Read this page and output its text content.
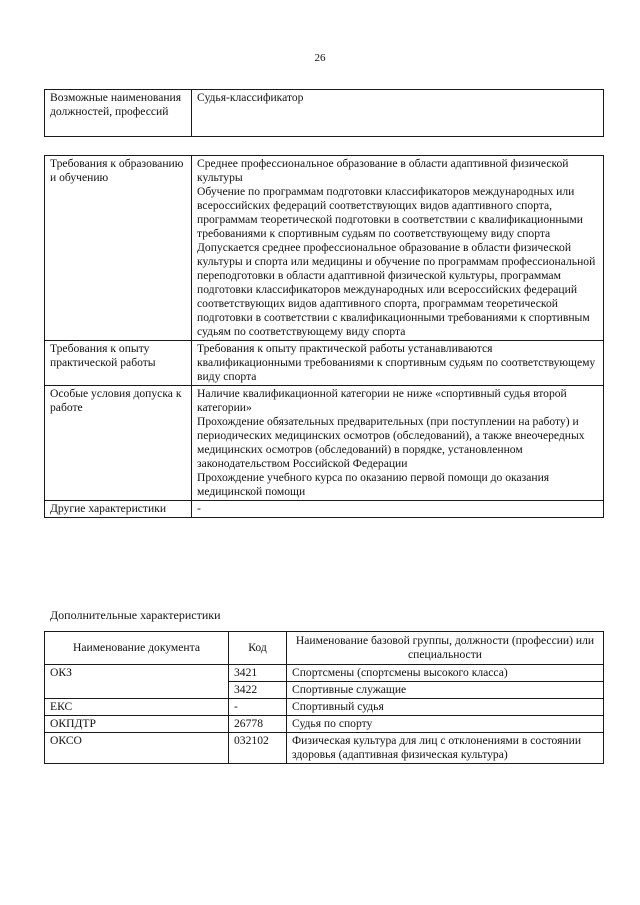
26
Возможные наименования должностей, профессий	Судья-классификатор
Требования к образованию и обучению	Среднее профессиональное образование в области адаптивной физической культуры

Обучение по программам подготовки классификаторов международных или всероссийских федераций соответствующих видов адаптивного спорта, программам теоретической подготовки в соответствии с квалификационными требованиями к спортивным судьям по соответствующему виду спорта

Допускается среднее профессиональное образование в области физической культуры и спорта или медицины и обучение по программам профессиональной переподготовки в области адаптивной физической культуры, программам подготовки классификаторов международных или всероссийских федераций соответствующих видов адаптивного спорта, программам теоретической подготовки в соответствии с квалификационными требованиями к спортивным судьям по соответствующему виду спорта

Требования к опыту практической работы	Требования к опыту практической работы устанавливаются квалификационными требованиями к спортивным судьям по соответствующему виду спорта

Особые условия допуска к работе	Наличие квалификационной категории не ниже «спортивный судья второй категории»

Прохождение обязательных предварительных (при поступлении на работу) и периодических медицинских осмотров (обследований), а также внеочередных медицинских осмотров (обследований) в порядке, установленном законодательством Российской Федерации

Прохождение учебного курса по оказанию первой помощи до оказания медицинской помощи

Другие характеристики	-

Дополнительные характеристики
Наименование документа	Код	Наименование базовой группы, должности (профессии) или специальности
ОКЗ	3421	Спортсмены (спортсмены высокого класса)
	3422	Спортивные служащие
ЕКС	-	Спортивный судья
ОКПДТР	26778	Судья по спорту
ОКСО	032102	Физическая культура для лиц с отклонениями в состоянии здоровья (адаптивная физическая культура)
